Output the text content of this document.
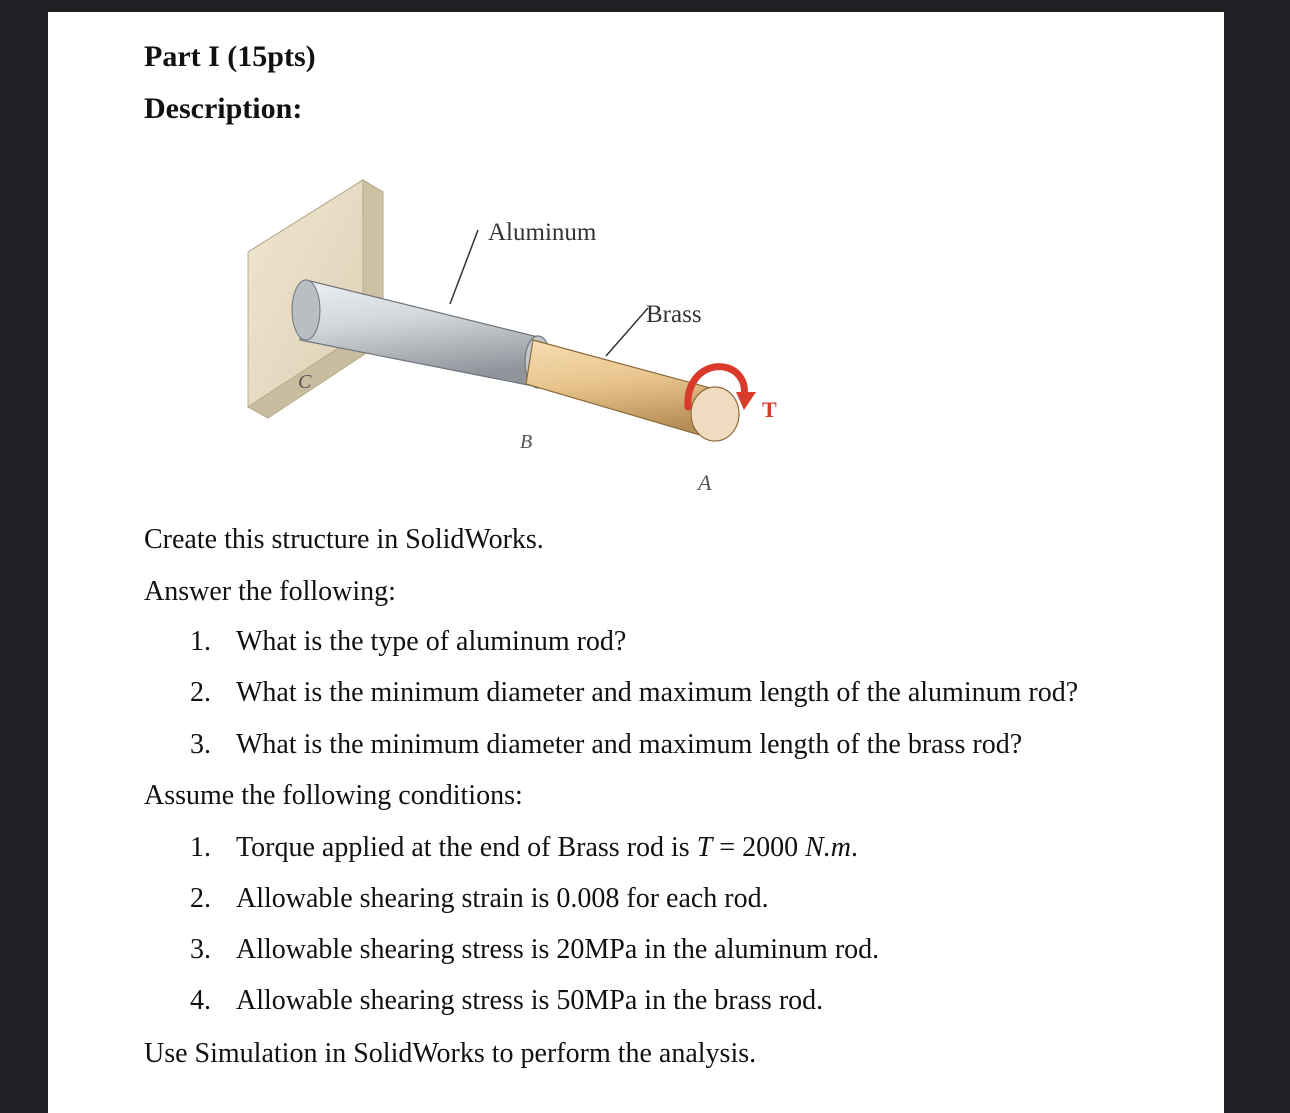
Part I (15pts)
Description:
Aluminum
Brass
C
B
A
T
Create this structure in SolidWorks.
Answer the following:
1. What is the type of aluminum rod?
2. What is the minimum diameter and maximum length of the aluminum rod?
3. What is the minimum diameter and maximum length of the brass rod?
Assume the following conditions:
1. Torque applied at the end of Brass rod is T = 2000 N.m.
2. Allowable shearing strain is 0.008 for each rod.
3. Allowable shearing stress is 20MPa in the aluminum rod.
4. Allowable shearing stress is 50MPa in the brass rod.
Use Simulation in SolidWorks to perform the analysis.
